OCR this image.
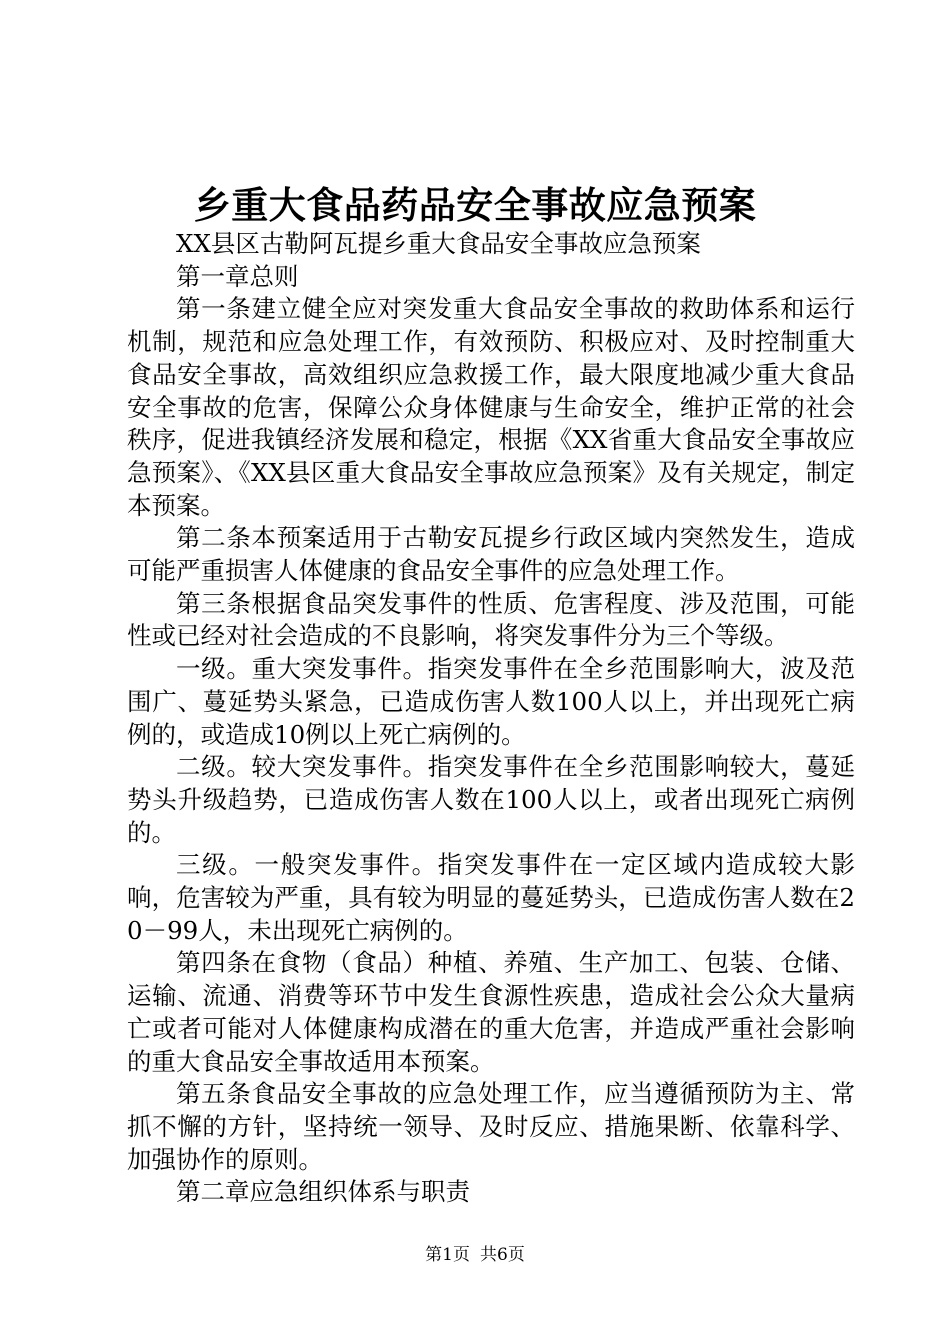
乡重大食品药品安全事故应急预案

XX县区古勒阿瓦提乡重大食品安全事故应急预案

第一章总则

第一条建立健全应对突发重大食品安全事故的救助体系和运行机制，规范和应急处理工作，有效预防、积极应对、及时控制重大食品安全事故，高效组织应急救援工作，最大限度地减少重大食品安全事故的危害，保障公众身体健康与生命安全，维护正常的社会秩序，促进我镇经济发展和稳定，根据《XX省重大食品安全事故应急预案》、《XX县区重大食品安全事故应急预案》及有关规定，制定本预案。

第二条本预案适用于古勒安瓦提乡行政区域内突然发生，造成可能严重损害人体健康的食品安全事件的应急处理工作。

第三条根据食品突发事件的性质、危害程度、涉及范围，可能性或已经对社会造成的不良影响，将突发事件分为三个等级。

一级。重大突发事件。指突发事件在全乡范围影响大，波及范围广、蔓延势头紧急，已造成伤害人数100人以上，并出现死亡病例的，或造成10例以上死亡病例的。

二级。较大突发事件。指突发事件在全乡范围影响较大，蔓延势头升级趋势，已造成伤害人数在100人以上，或者出现死亡病例的。

三级。一般突发事件。指突发事件在一定区域内造成较大影响，危害较为严重，具有较为明显的蔓延势头，已造成伤害人数在20－99人，未出现死亡病例的。

第四条在食物（食品）种植、养殖、生产加工、包装、仓储、运输、流通、消费等环节中发生食源性疾患，造成社会公众大量病亡或者可能对人体健康构成潜在的重大危害，并造成严重社会影响的重大食品安全事故适用本预案。

第五条食品安全事故的应急处理工作，应当遵循预防为主、常抓不懈的方针，坚持统一领导、及时反应、措施果断、依靠科学、加强协作的原则。

第二章应急组织体系与职责

第1页 共6页
